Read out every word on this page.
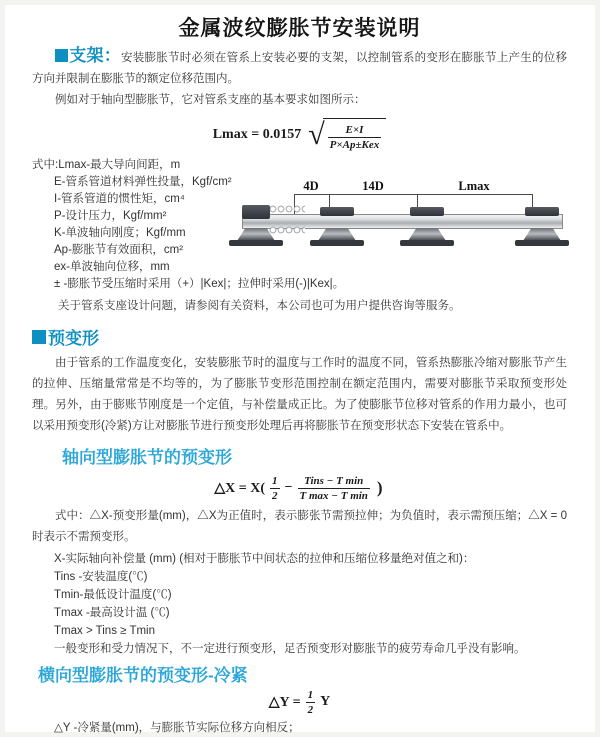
金属波纹膨胀节安装说明

支架：安装膨胀节时必须在管系上安装必要的支架，以控制管系的变形在膨胀节上产生的位移方向并限制在膨胀节的额定位移范围内。

例如对于轴向型膨胀节，它对管系支座的基本要求如图所示：

Lmax = 0.0157 √ $\frac{E\times I}{\text{P×Ap±Kex}}$
式中:Lmax-最大导向间距，m
E-管系管道材料弹性投量，Kgf/cm²
I-管系管道的惯性矩，cm⁴
P-设计压力，Kgf/mm²
K-单波轴向刚度；Kgf/mm
Ap-膨胀节有效面积，cm²
ex-单波轴向位移，mm
± -膨胀节受压缩时采用（+）|Kex|；拉伸时采用(-)|Kex|。
关于管系支座设计问题，请参阅有关资料，本公司也可为用户提供咨询等服务。
4D	14D	Lmax
预变形

由于管系的工作温度变化，安装膨胀节时的温度与工作时的温度不同，管系热膨胀冷缩对膨胀节产生的拉伸、压缩量常常是不均等的，为了膨胀节变形范围控制在额定范围内，需要对膨胀节采取预变形处理。另外，由于膨账节刚度是一个定值，与补偿量成正比。为了使膨胀节位移对管系的作用力最小，也可以采用预变形(冷紧)方让对膨胀节进行预变形处理后再将膨胀节在预变形状态下安装在管系中。

轴向型膨胀节的预变形
△X = $X( \frac{1}{2} - \frac{\text{Tins − T min}}{\text{T max − T min}}$ )

式中：△X-预变形量(mm)，△X为正值时，表示膨张节需预拉伸；为负值时，表示需预压缩；△X = 0时表示不需预变形。

X-实际轴向补偿量 (mm) (相对于膨胀节中间状态的拉伸和压缩位移量绝对值之和)：
Tins -安装温度(℃)
Tmin-最低设计温度(℃)
Tmax -最高设计温 (℃)
Tmax > Tins ≥ Tmin
一般变形和受力情况下，不一定进行预变形，足否预变形对膨胀节的疲劳寿命几乎没有影响。
横向型膨胀节的预变形-冷紧
△Y = $\frac{1}{2}$ Y
△Y -冷紧量(mm)，与膨胀节实际位移方向相反；
